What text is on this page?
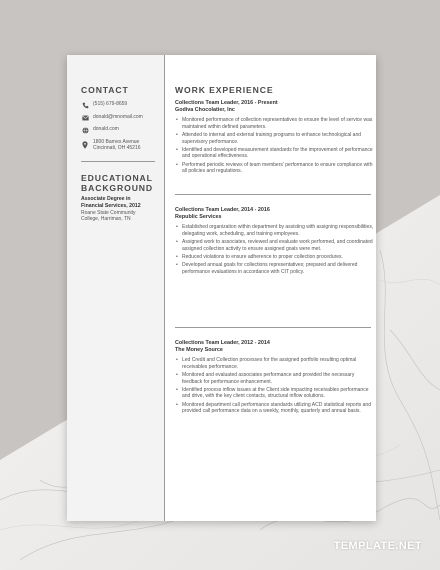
CONTACT
(515) 679-8659
donald@mnomail.com
donald.com
1800 Barnes Avenue
Cincinnati, OH 45216
EDUCATIONAL
BACKGROUND
Associate Degree in
Financial Services, 2012
Roane State Community
College, Harriman, TN
WORK EXPERIENCE
Collections Team Leader, 2016 - Present
Godiva Chocolatier, Inc
• Monitored performance of collection representatives to ensure the level of service was maintained within defined parameters.
• Attended to internal and external training programs to enhance technological and supervisory performance.
• Identified and developed measurement standards for the improvement of performance and operational effectiveness.
• Performed periodic reviews of team members' performance to ensure compliance with all policies and regulations.
Collections Team Leader, 2014 - 2016
Republic Services
• Established organization within department by assisting with assigning responsibilities, delegating work, scheduling, and training employees.
• Assigned work to associates, reviewed and evaluate work performed, and coordinated assigned collection activity to ensure assigned goals were met.
• Reduced violations to ensure adherence to proper collection procedures.
• Developed annual goals for collections representatives; prepared and delivered performance evaluations in accordance with CIT policy.
Collections Team Leader, 2012 - 2014
The Money Source
• Led Credit and Collection processes for the assigned portfolio resulting optimal receivables performance.
• Monitored and evaluated associates performance and provided the necessary feedback for performance enhancement.
• Identified process inflow issues at the Client side impacting receivables performance and drive, with the key client contacts, structural inflow solutions.
• Monitored department call performance standards utilizing ACD statistical reports and provided call performance data on a weekly, monthly, quarterly and annual basis.
TEMPLATE.NET
